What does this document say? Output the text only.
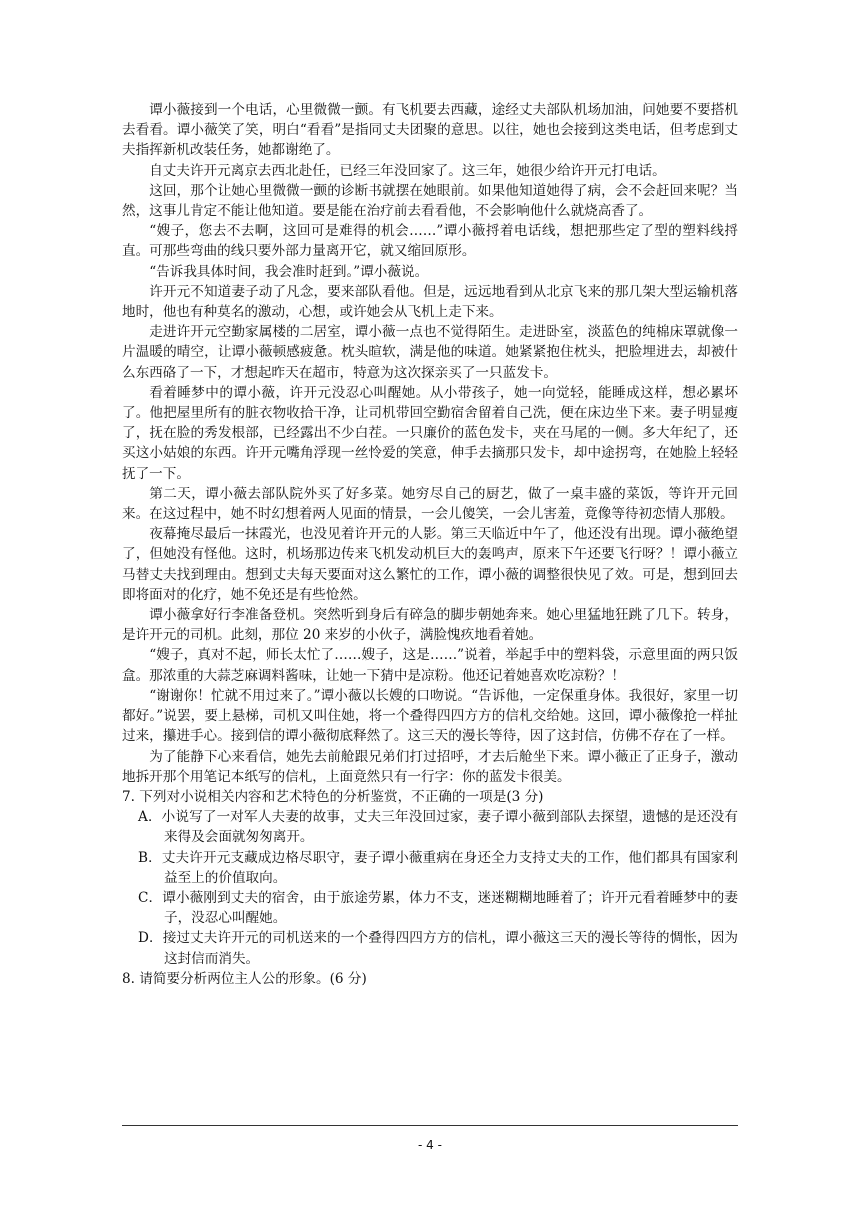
谭小薇接到一个电话，心里微微一颤。有飞机要去西藏，途经丈夫部队机场加油，问她要不要搭机去看看。谭小薇笑了笑，明白“看看”是指同丈夫团聚的意思。以往，她也会接到这类电话，但考虑到丈夫指挥新机改装任务，她都谢绝了。

自丈夫许开元离京去西北赴任，已经三年没回家了。这三年，她很少给许开元打电话。

这回，那个让她心里微微一颤的诊断书就摆在她眼前。如果他知道她得了病，会不会赶回来呢？当然，这事儿肯定不能让他知道。要是能在治疗前去看看他，不会影响他什么就烧高香了。

“嫂子，您去不去啊，这回可是难得的机会……”谭小薇捋着电话线，想把那些定了型的塑料线捋直。可那些弯曲的线只要外部力量离开它，就又缩回原形。

“告诉我具体时间，我会准时赶到。”谭小薇说。

许开元不知道妻子动了凡念，要来部队看他。但是，远远地看到从北京飞来的那几架大型运输机落地时，他也有种莫名的激动，心想，或许她会从飞机上走下来。

走进许开元空勤家属楼的二居室，谭小薇一点也不觉得陌生。走进卧室，淡蓝色的纯棉床罩就像一片温暖的晴空，让谭小薇顿感疲惫。枕头暄软，满是他的味道。她紧紧抱住枕头，把脸埋进去，却被什么东西硌了一下，才想起昨天在超市，特意为这次探亲买了一只蓝发卡。

看着睡梦中的谭小薇，许开元没忍心叫醒她。从小带孩子，她一向觉轻，能睡成这样，想必累坏了。他把屋里所有的脏衣物收拾干净，让司机带回空勤宿舍留着自己洗，便在床边坐下来。妻子明显瘦了，抚在脸的秀发根部，已经露出不少白茬。一只廉价的蓝色发卡，夹在马尾的一侧。多大年纪了，还买这小姑娘的东西。许开元嘴角浮现一丝怜爱的笑意，伸手去摘那只发卡，却中途拐弯，在她脸上轻轻抚了一下。

第二天，谭小薇去部队院外买了好多菜。她穷尽自己的厨艺，做了一桌丰盛的菜饭，等许开元回来。在这过程中，她不时幻想着两人见面的情景，一会儿傻笑，一会儿害羞，竟像等待初恋情人那般。

夜幕掩尽最后一抹霞光，也没见着许开元的人影。第三天临近中午了，他还没有出现。谭小薇绝望了，但她没有怪他。这时，机场那边传来飞机发动机巨大的轰鸣声，原来下午还要飞行呀？！谭小薇立马替丈夫找到理由。想到丈夫每天要面对这么繁忙的工作，谭小薇的调整很快见了效。可是，想到回去即将面对的化疗，她不免还是有些怆然。

谭小薇拿好行李准备登机。突然听到身后有碎急的脚步朝她奔来。她心里猛地狂跳了几下。转身，是许开元的司机。此刻，那位 20 来岁的小伙子，满脸愧疚地看着她。

“嫂子，真对不起，师长太忙了……嫂子，这是……”说着，举起手中的塑料袋，示意里面的两只饭盒。那浓重的大蒜芝麻调料酱味，让她一下猜中是凉粉。他还记着她喜欢吃凉粉？！

“谢谢你！忙就不用过来了。”谭小薇以长嫂的口吻说。“告诉他，一定保重身体。我很好，家里一切都好。”说罢，要上悬梯，司机又叫住她，将一个叠得四四方方的信札交给她。这回，谭小薇像抢一样扯过来，攥进手心。接到信的谭小薇彻底释然了。这三天的漫长等待，因了这封信，仿佛不存在了一样。

为了能静下心来看信，她先去前舱跟兄弟们打过招呼，才去后舱坐下来。谭小薇正了正身子，激动地拆开那个用笔记本纸写的信札，上面竟然只有一行字：你的蓝发卡很美。

7. 下列对小说相关内容和艺术特色的分析鉴赏，不正确的一项是(3 分)
A．小说写了一对军人夫妻的故事，丈夫三年没回过家，妻子谭小薇到部队去探望，遗憾的是还没有来得及会面就匆匆离开。
B．丈夫许开元支藏成边格尽职守，妻子谭小薇重病在身还全力支持丈夫的工作，他们都具有国家利益至上的价值取向。
C．谭小薇刚到丈夫的宿舍，由于旅途劳累，体力不支，迷迷糊糊地睡着了；许开元看着睡梦中的妻子，没忍心叫醒她。
D．接过丈夫许开元的司机送来的一个叠得四四方方的信札，谭小薇这三天的漫长等待的惆怅，因为这封信而消失。
8. 请简要分析两位主人公的形象。(6 分)
- 4 -
